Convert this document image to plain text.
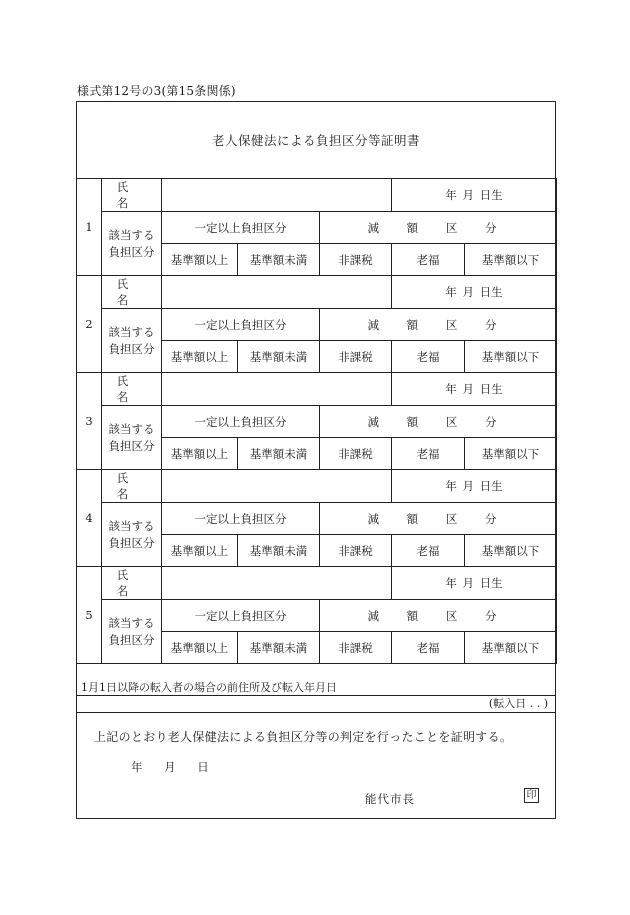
様式第12号の3(第15条関係)
老人保健法による負担区分等証明書
1	氏 名				年 月 日生	

	該当する
負担区分	一定以上負担区分		減 額 区 分		
		基準額以上	基準額未満	非課税	老福	基準額以下
2	氏 名				年 月 日生	

	該当する
負担区分	一定以上負担区分		減 額 区 分		
		基準額以上	基準額未満	非課税	老福	基準額以下
3	氏 名				年 月 日生	

	該当する
負担区分	一定以上負担区分		減 額 区 分		
		基準額以上	基準額未満	非課税	老福	基準額以下
4	氏 名				年 月 日生	

	該当する
負担区分	一定以上負担区分		減 額 区 分		
		基準額以上	基準額未満	非課税	老福	基準額以下
5	氏 名				年 月 日生	

	該当する
負担区分	一定以上負担区分		減 額 区 分		
		基準額以上	基準額未満	非課税	老福	基準額以下
1月1日以降の転入者の場合の前住所及び転入年月日
(転入日 . . )
上記のとおり老人保健法による負担区分等の判定を行ったことを証明する。
年 月 日
能代市長	印
